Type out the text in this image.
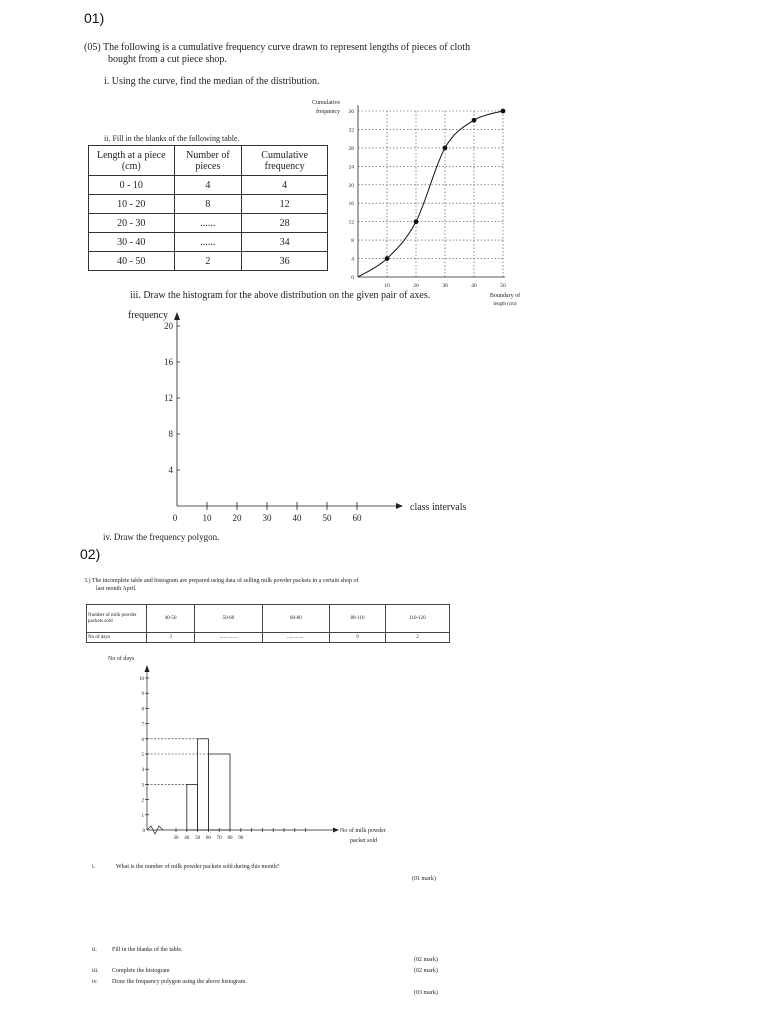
01)
(05) The following is a cumulative frequency curve drawn to represent lengths of pieces of cloth
bought from a cut piece shop.
i. Using the curve, find the median of the distribution.
ii. Fill in the blanks of the following table.
Length at a piece (cm)	Number of pieces	Cumulative frequency
0 - 10	4	4
10 - 20	8	12
20 - 30	......	28
30 - 40	......	34
40 - 50	2	36
0
4
8
12
16
20
24
28
32
36
10	20	30	40	50
Cumulative
frequency
Boundary of
length (cm)
iii. Draw the histogram for the above distribution on the given pair of axes.
4
8
12
16
20
0	10 20 30 40 50 60
frequency
class intervals
iv. Draw the frequency polygon.
02)
3.) The incomplete table and histogram are prepared using data of selling milk powder packets in a certain shop of
last month April.
Number of milk powder packets sold	40-50	50-60	60-80	80-110	110-120
No of days	3	..............	..............	9	2
0
1
2
3
4
5
6
7
8
9
10
30 40 50 60 70 80 90
No of days
No of milk powder
packet sold
i.	What is the number of milk powder packets sold during this month?
(01 mark)
ii.	Fill in the blanks of the table.
(02 mark)
iii. Complete the histogram	(02 mark)
iv. Draw the frequency polygon using the above histogram.
(03 mark)
